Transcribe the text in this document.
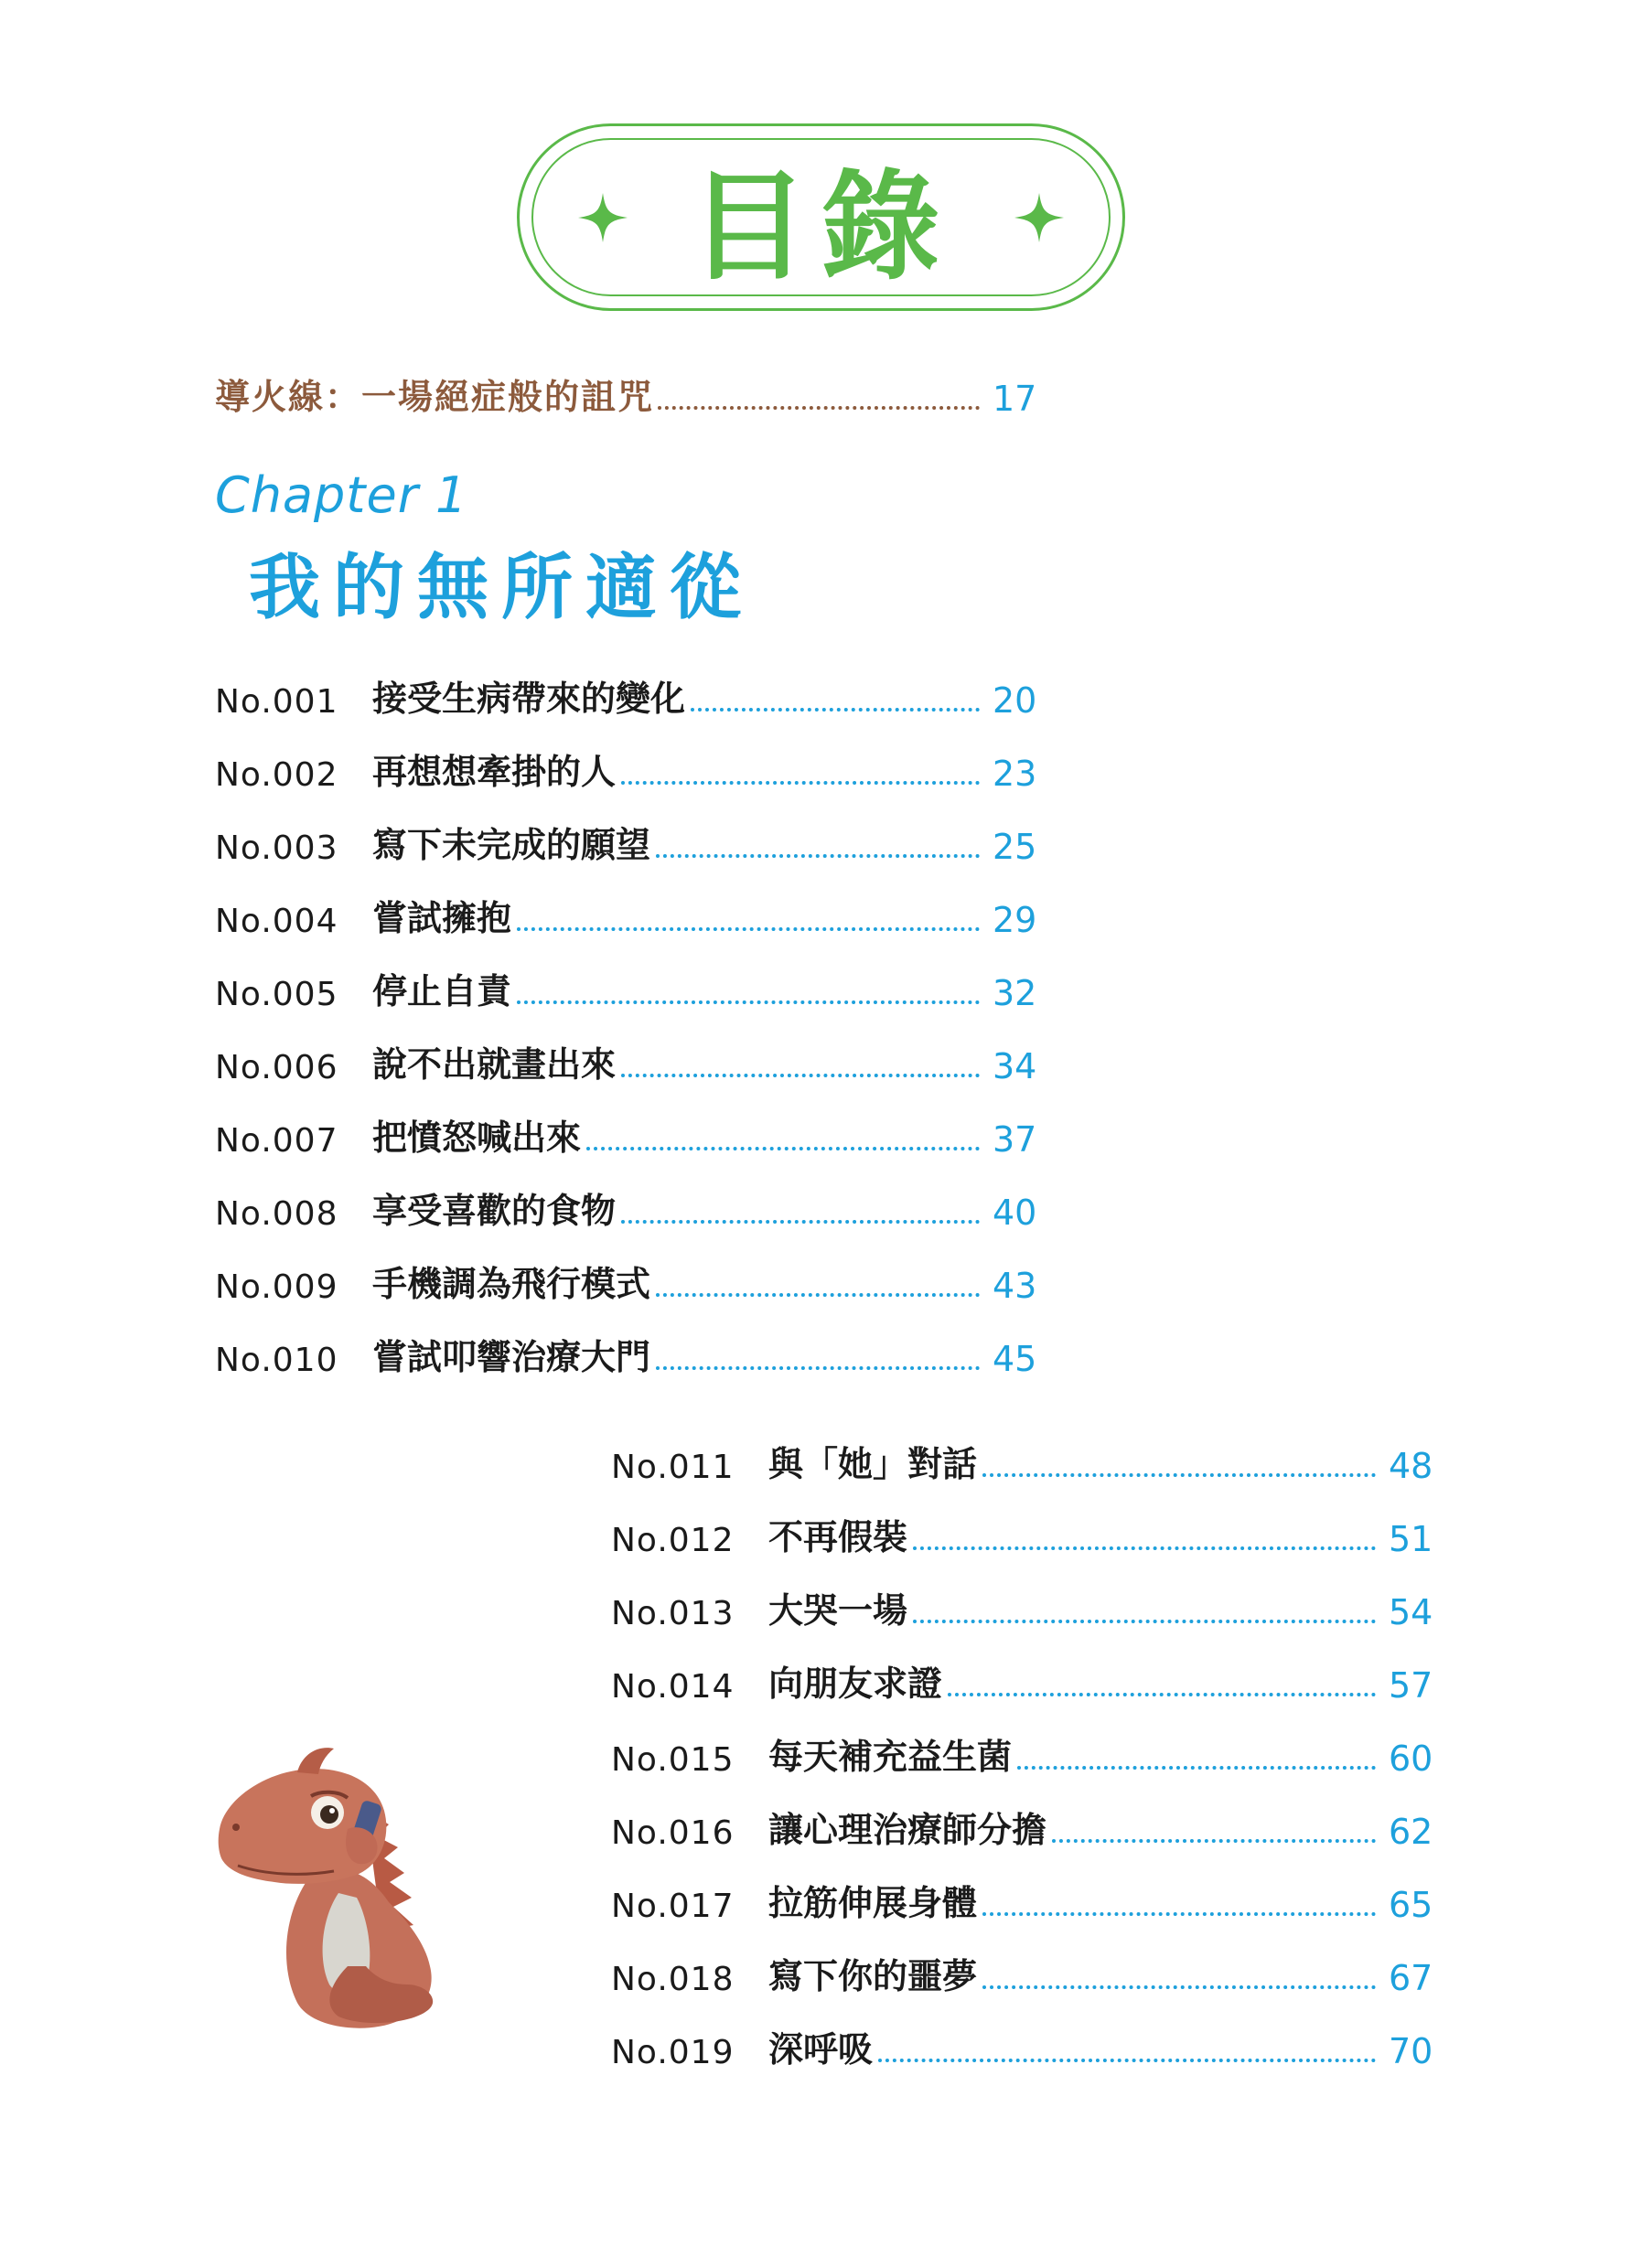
目錄
導火線：一場絕症般的詛咒	17
Chapter 1
我的無所適從
No.001 接受生病帶來的變化	20
No.002 再想想牽掛的人	23
No.003 寫下未完成的願望	25
No.004 嘗試擁抱	29
No.005 停止自責	32
No.006 說不出就畫出來	34
No.007 把憤怒喊出來	37
No.008 享受喜歡的食物	40
No.009 手機調為飛行模式	43
No.010 嘗試叩響治療大門	45
No.011 與「她」對話	48
No.012 不再假裝	51
No.013 大哭一場	54
No.014 向朋友求證	57
No.015 每天補充益生菌	60
No.016 讓心理治療師分擔	62
No.017 拉筋伸展身體	65
No.018 寫下你的噩夢	67
No.019 深呼吸	70
